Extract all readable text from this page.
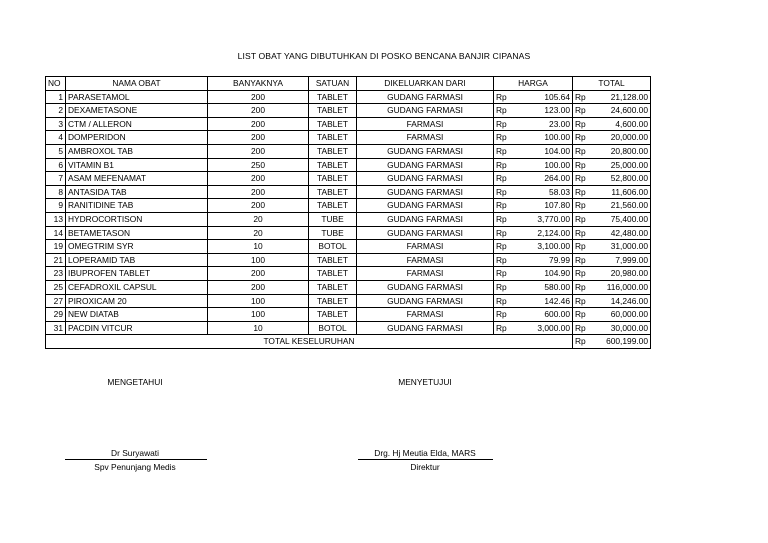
LIST OBAT YANG DIBUTUHKAN DI POSKO BENCANA BANJIR CIPANAS
NO	NAMA OBAT	BANYAKNYA	SATUAN	DIKELUARKAN DARI	HARGA		TOTAL	
1	PARASETAMOL	200	TABLET	GUDANG FARMASI	Rp	105.64	Rp	21,128.00
2	DEXAMETASONE	200	TABLET	GUDANG FARMASI	Rp	123.00	Rp	24,600.00
3	CTM / ALLERON	200	TABLET	FARMASI	Rp	23.00	Rp	4,600.00
4	DOMPERIDON	200	TABLET	FARMASI	Rp	100.00	Rp	20,000.00
5	AMBROXOL TAB	200	TABLET	GUDANG FARMASI	Rp	104.00	Rp	20,800.00
6	VITAMIN B1	250	TABLET	GUDANG FARMASI	Rp	100.00	Rp	25,000.00
7	ASAM MEFENAMAT	200	TABLET	GUDANG FARMASI	Rp	264.00	Rp	52,800.00
8	ANTASIDA TAB	200	TABLET	GUDANG FARMASI	Rp	58.03	Rp	11,606.00
9	RANITIDINE TAB	200	TABLET	GUDANG FARMASI	Rp	107.80	Rp	21,560.00
13	HYDROCORTISON	20	TUBE	GUDANG FARMASI	Rp	3,770.00	Rp	75,400.00
14	BETAMETASON	20	TUBE	GUDANG FARMASI	Rp	2,124.00	Rp	42,480.00
19	OMEGTRIM SYR	10	BOTOL	FARMASI	Rp	3,100.00	Rp	31,000.00
21	LOPERAMID TAB	100	TABLET	FARMASI	Rp	79.99	Rp	7,999.00
23	IBUPROFEN TABLET	200	TABLET	FARMASI	Rp	104.90	Rp	20,980.00
25	CEFADROXIL CAPSUL	200	TABLET	GUDANG FARMASI	Rp	580.00	Rp	116,000.00
27	PIROXICAM 20	100	TABLET	GUDANG FARMASI	Rp	142.46	Rp	14,246.00
29	NEW DIATAB	100	TABLET	FARMASI	Rp	600.00	Rp	60,000.00
31	PACDIN VITCUR	10	BOTOL	GUDANG FARMASI	Rp	3,000.00	Rp	30,000.00
TOTAL KESELURUHAN							Rp	600,199.00
MENGETAHUI	MENYETUJUI
Dr Suryawati
Spv Penunjang Medis
Drg. Hj Meutia Elda, MARS
Direktur
